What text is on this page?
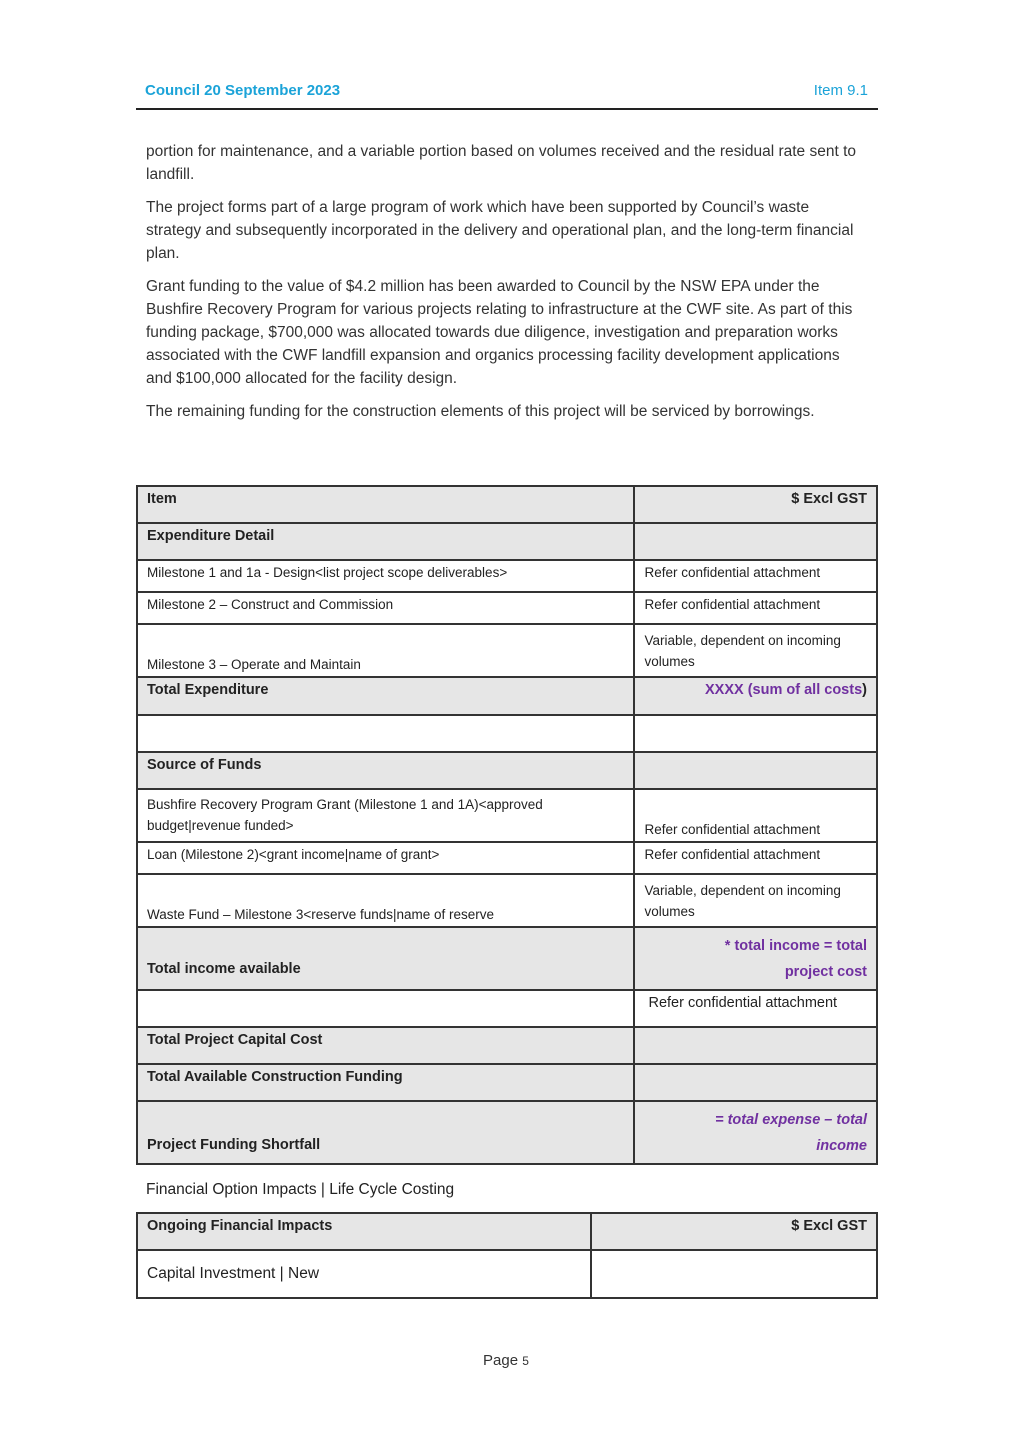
Council 20 September 2023	Item 9.1

portion for maintenance, and a variable portion based on volumes received and the residual rate sent to landfill.

The project forms part of a large program of work which have been supported by Council’s waste strategy and subsequently incorporated in the delivery and operational plan, and the long-term financial plan.

Grant funding to the value of $4.2 million has been awarded to Council by the NSW EPA under the Bushfire Recovery Program for various projects relating to infrastructure at the CWF site. As part of this funding package, $700,000 was allocated towards due diligence, investigation and preparation works associated with the CWF landfill expansion and organics processing facility development applications and $100,000 allocated for the facility design.

The remaining funding for the construction elements of this project will be serviced by borrowings.

Item	$ Excl GST
Expenditure Detail	
Milestone 1 and 1a - Design<list project scope deliverables>	Refer confidential attachment
Milestone 2 – Construct and Commission	Refer confidential attachment
Milestone 3 – Operate and Maintain	Variable, dependent on incoming volumes
Total Expenditure	XXXX (sum of all costs)

Source of Funds	
Bushfire Recovery Program Grant (Milestone 1 and 1A)<approved budget|revenue funded>	Refer confidential attachment
Loan (Milestone 2)<grant income|name of grant>	Refer confidential attachment
Waste Fund – Milestone 3<reserve funds|name of reserve	Variable, dependent on incoming volumes
Total income available	* total income = total project cost
	Refer confidential attachment
Total Project Capital Cost	
Total Available Construction Funding	
Project Funding Shortfall	= total expense – total income
Financial Option Impacts | Life Cycle Costing
Ongoing Financial Impacts	$ Excl GST
Capital Investment | New	
Page 5
